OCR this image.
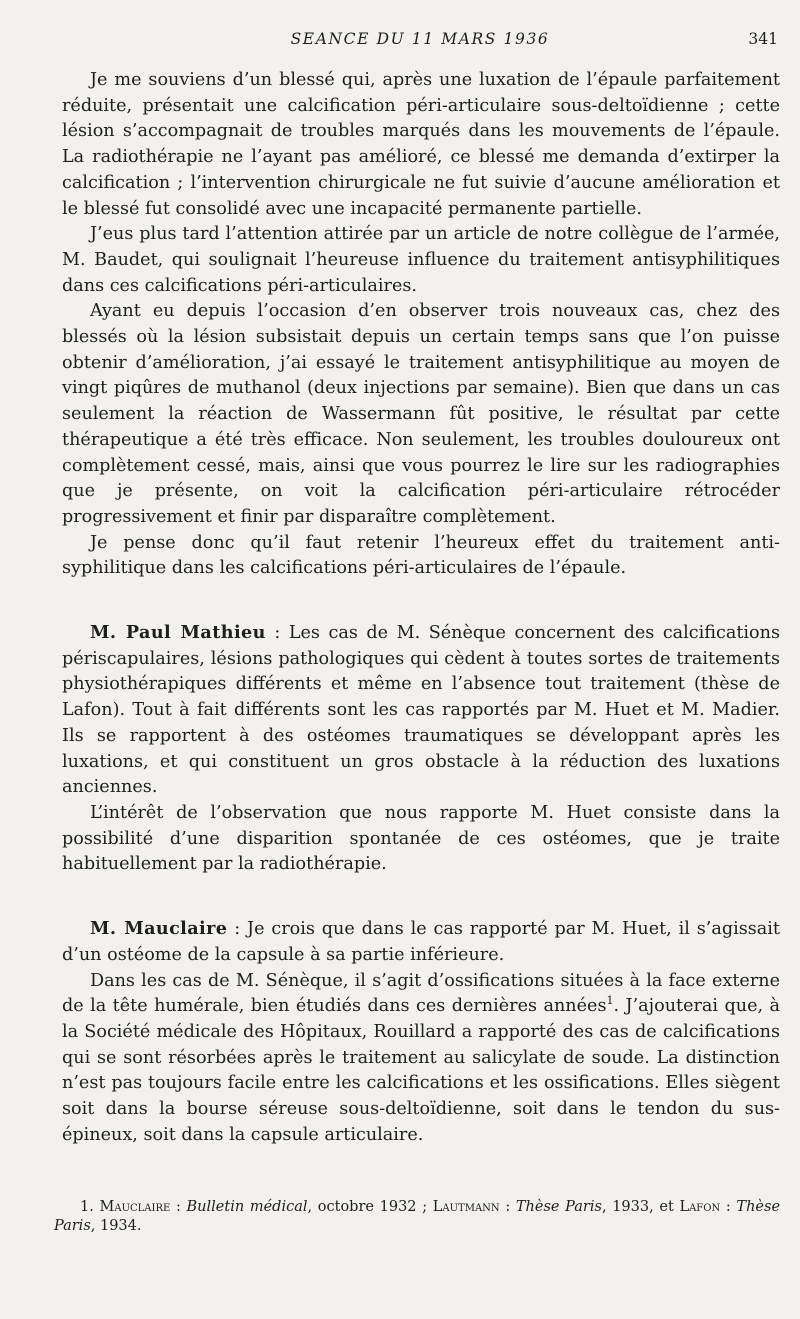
SEANCE DU 11 MARS 1936	341

Je me souviens d’un blessé qui, après une luxation de l’épaule parfaitement réduite, présentait une calcification péri-articulaire sous-deltoïdienne ; cette lésion s’accompagnait de troubles marqués dans les mouvements de l’épaule. La radiothérapie ne l’ayant pas amélioré, ce blessé me demanda d’extirper la calcification ; l’intervention chirurgicale ne fut suivie d’aucune amélioration et le blessé fut consolidé avec une incapacité permanente partielle.

J’eus plus tard l’attention attirée par un article de notre collègue de l’armée, M. Baudet, qui soulignait l’heureuse influence du traitement antisyphilitiques dans ces calcifications péri-articulaires.

Ayant eu depuis l’occasion d’en observer trois nouveaux cas, chez des blessés où la lésion subsistait depuis un certain temps sans que l’on puisse obtenir d’amélioration, j’ai essayé le traitement antisyphilitique au moyen de vingt piqûres de muthanol (deux injections par semaine). Bien que dans un cas seulement la réaction de Wassermann fût positive, le résultat par cette thérapeutique a été très efficace. Non seulement, les troubles douloureux ont complètement cessé, mais, ainsi que vous pourrez le lire sur les radiographies que je présente, on voit la calcification péri-articulaire rétrocéder progressivement et finir par disparaître complètement.

Je pense donc qu’il faut retenir l’heureux effet du traitement anti-syphilitique dans les calcifications péri-articulaires de l’épaule.

M. Paul Mathieu : Les cas de M. Sénèque concernent des calcifications périscapulaires, lésions pathologiques qui cèdent à toutes sortes de traitements physiothérapiques différents et même en l’absence tout traitement (thèse de Lafon). Tout à fait différents sont les cas rapportés par M. Huet et M. Madier. Ils se rapportent à des ostéomes traumatiques se développant après les luxations, et qui constituent un gros obstacle à la réduction des luxations anciennes.

L’intérêt de l’observation que nous rapporte M. Huet consiste dans la possibilité d’une disparition spontanée de ces ostéomes, que je traite habituellement par la radiothérapie.

M. Mauclaire : Je crois que dans le cas rapporté par M. Huet, il s’agissait d’un ostéome de la capsule à sa partie inférieure.

Dans les cas de M. Sénèque, il s’agit d’ossifications situées à la face externe de la tête humérale, bien étudiés dans ces dernières années$^1$. J’ajouterai que, à la Société médicale des Hôpitaux, Rouillard a rapporté des cas de calcifications qui se sont résorbées après le traitement au salicylate de soude. La distinction n’est pas toujours facile entre les calcifications et les ossifications. Elles siègent soit dans la bourse séreuse sous-deltoïdienne, soit dans le tendon du sus-épineux, soit dans la capsule articulaire.

1. Mauclaire : Bulletin médical, octobre 1932 ; Lautmann : Thèse Paris, 1933, et Lafon : Thèse Paris, 1934.
